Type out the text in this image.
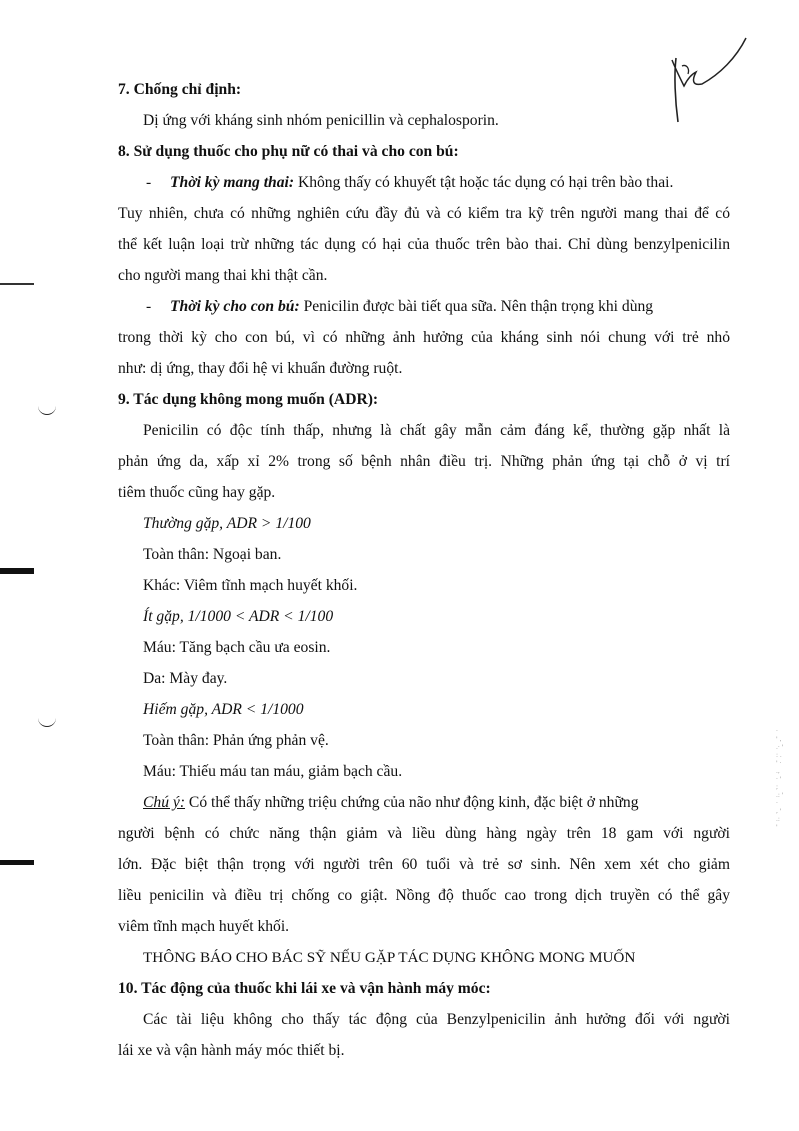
·
' ,
.· '
: .
' ·
.,
· '
;
.: '
·
, '
.:
'
7. Chống chỉ định:
Dị ứng với kháng sinh nhóm penicillin và cephalosporin.
8. Sử dụng thuốc cho phụ nữ có thai và cho con bú:
- Thời kỳ mang thai: Không thấy có khuyết tật hoặc tác dụng có hại trên bào thai.
Tuy nhiên, chưa có những nghiên cứu đầy đủ và có kiểm tra kỹ trên người mang thai để có
thể kết luận loại trừ những tác dụng có hại của thuốc trên bào thai. Chỉ dùng benzylpenicilin
cho người mang thai khi thật cần.
- Thời kỳ cho con bú: Penicilin được bài tiết qua sữa. Nên thận trọng khi dùng
trong thời kỳ cho con bú, vì có những ảnh hưởng của kháng sinh nói chung với trẻ nhỏ
như: dị ứng, thay đổi hệ vi khuẩn đường ruột.
9. Tác dụng không mong muốn (ADR):
Penicilin có độc tính thấp, nhưng là chất gây mẫn cảm đáng kể, thường gặp nhất là
phản ứng da, xấp xỉ 2% trong số bệnh nhân điều trị. Những phản ứng tại chỗ ở vị trí
tiêm thuốc cũng hay gặp.
Thường gặp, ADR > 1/100
Toàn thân: Ngoại ban.
Khác: Viêm tĩnh mạch huyết khối.
Ít gặp, 1/1000 < ADR < 1/100
Máu: Tăng bạch cầu ưa eosin.
Da: Mày đay.
Hiếm gặp, ADR < 1/1000
Toàn thân: Phản ứng phản vệ.
Máu: Thiếu máu tan máu, giảm bạch cầu.
Chú ý: Có thể thấy những triệu chứng của não như động kinh, đặc biệt ở những
người bệnh có chức năng thận giảm và liều dùng hàng ngày trên 18 gam với người
lớn. Đặc biệt thận trọng với người trên 60 tuổi và trẻ sơ sinh. Nên xem xét cho giảm
liều penicilin và điều trị chống co giật. Nồng độ thuốc cao trong dịch truyền có thể gây
viêm tĩnh mạch huyết khối.
THÔNG BÁO CHO BÁC SỸ NẾU GẶP TÁC DỤNG KHÔNG MONG MUỐN
10. Tác động của thuốc khi lái xe và vận hành máy móc:
Các tài liệu không cho thấy tác động của Benzylpenicilin ảnh hưởng đối với người
lái xe và vận hành máy móc thiết bị.
